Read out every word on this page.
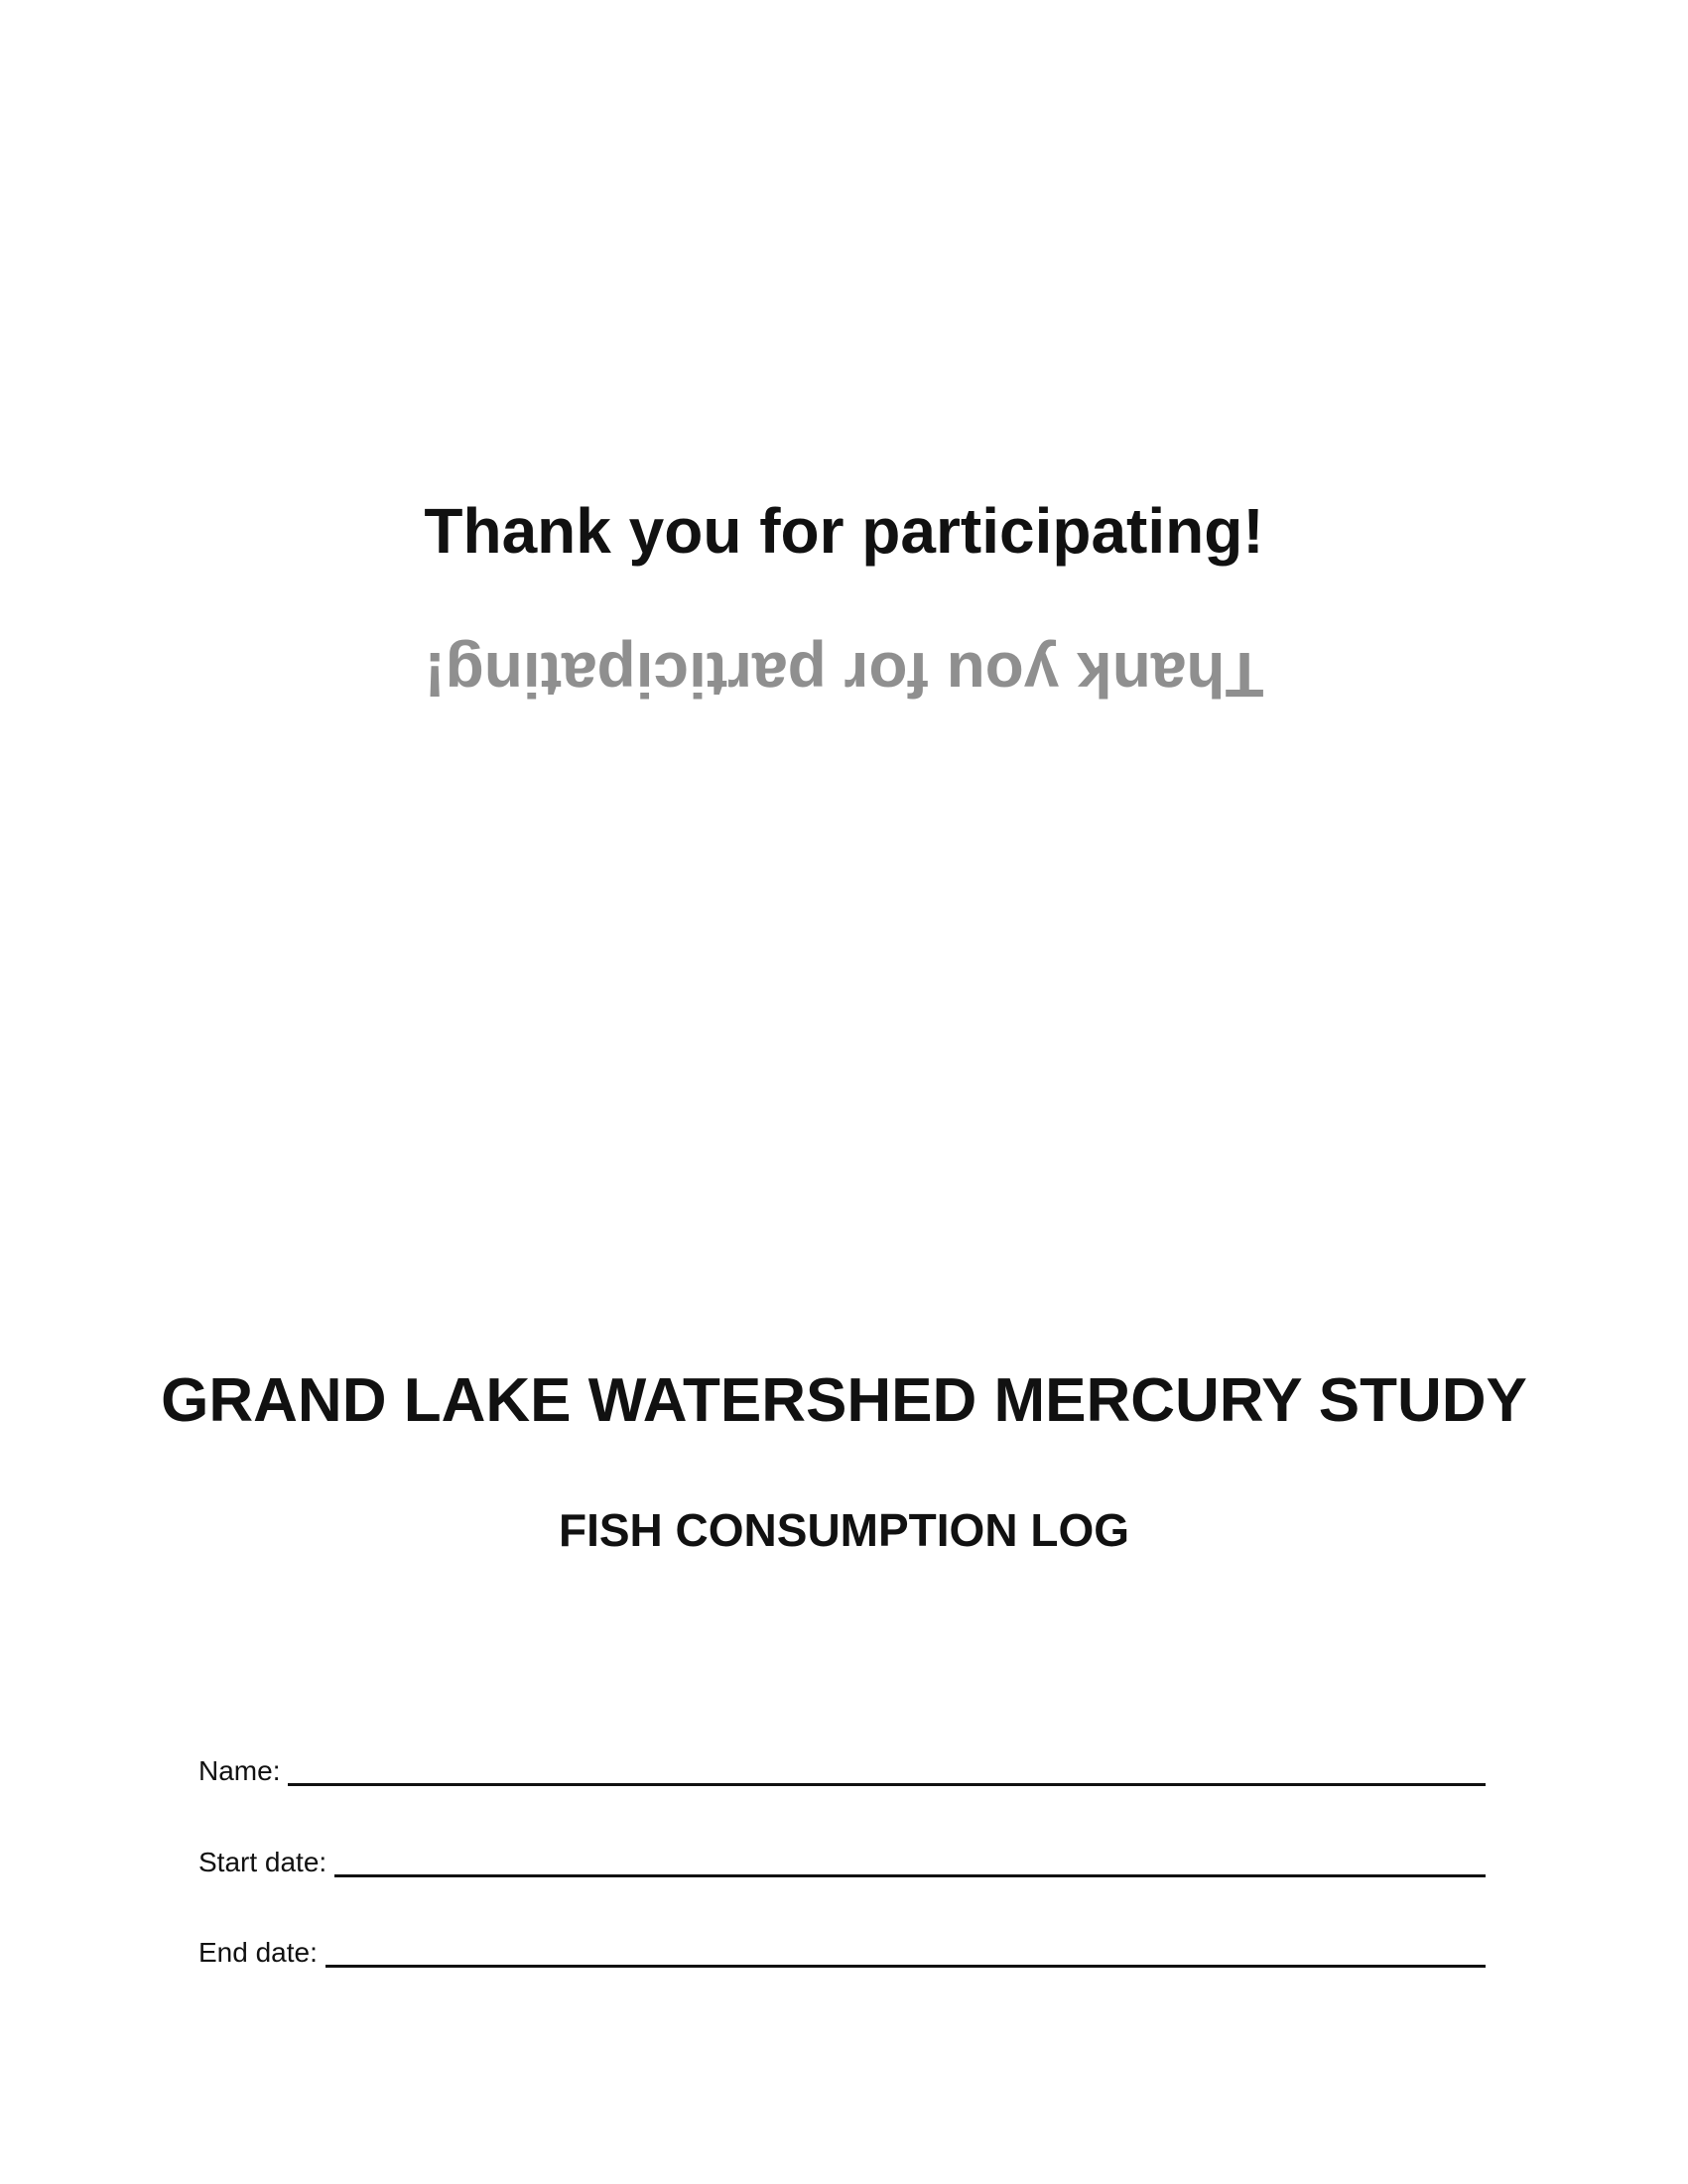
Thank you for participating!
Thank you for participating!
GRAND LAKE WATERSHED MERCURY STUDY
FISH CONSUMPTION LOG
Name:
Start date:
End date:
